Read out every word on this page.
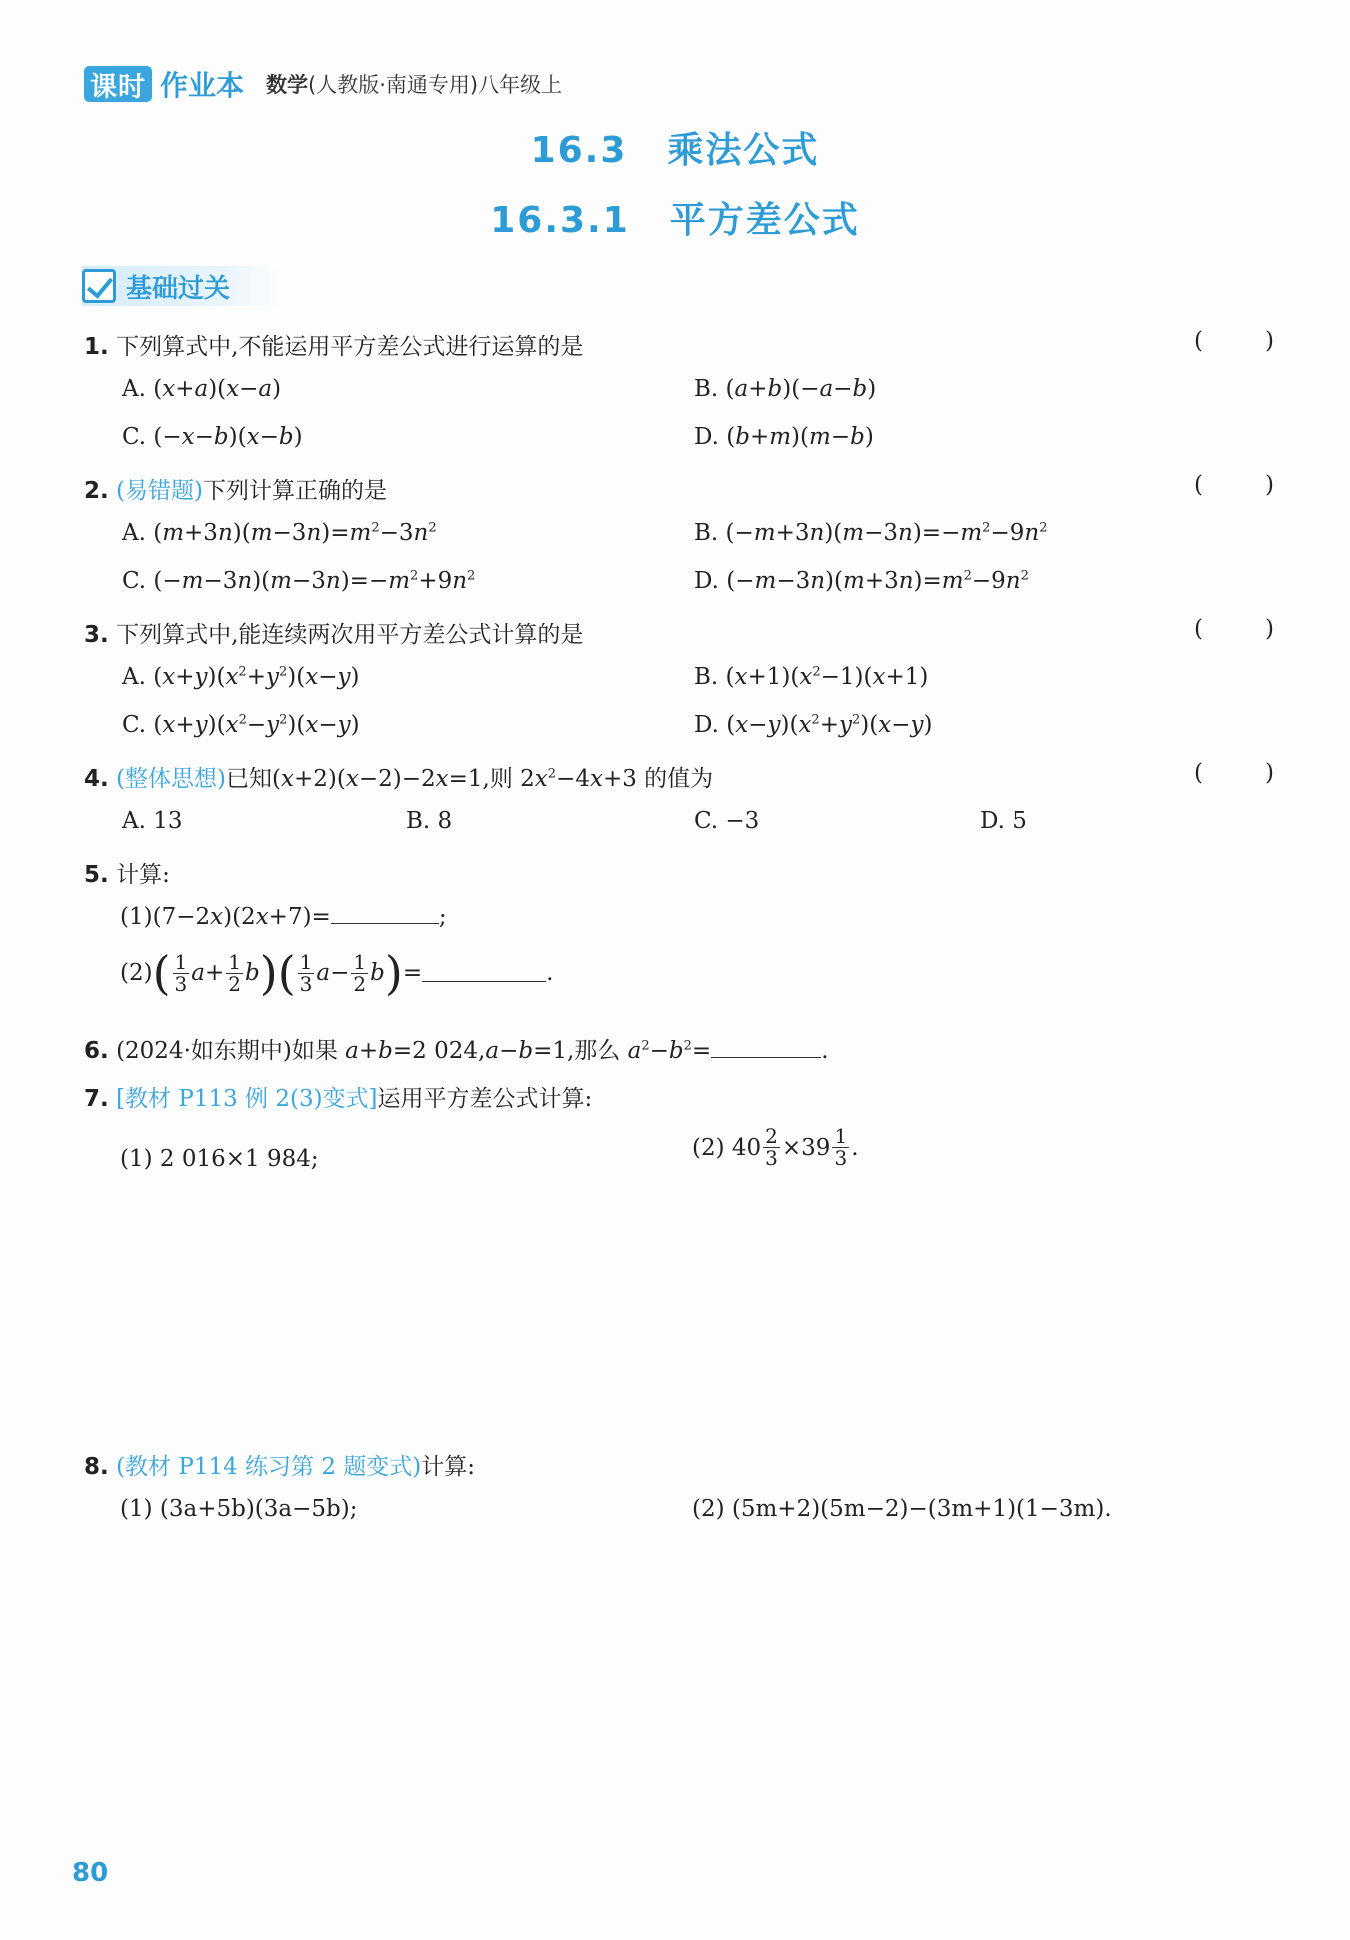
课时 作业本 数学(人教版·南通专用)八年级上
16.3 乘法公式
16.3.1 平方差公式
基础过关
1. 下列算式中,不能运用平方差公式进行运算的是	(	)
A. (x+a)(x−a)	B. (a+b)(−a−b)
C. (−x−b)(x−b)	D. (b+m)(m−b)
2. (易错题)下列计算正确的是	(	)
A. $(m+3n)(m-3n)=m^2-3n^2$	B. $(-m+3n)(m-3n)=-m^2-9n^2$
C. $(-m-3n)(m-3n)=-m^2+9n^2$	D. $(-m-3n)(m+3n)=m^2-9n^2$
3. 下列算式中,能连续两次用平方差公式计算的是	(	)
A. $(x+y)(x^2+y^2)(x-y)$	B. $(x+1)(x^2-1)(x+1)$
C. $(x+y)(x^2-y^2)(x-y)$	D. $(x-y)(x^2+y^2)(x-y)$
4. (整体思想)已知(x+2)(x−2)−2x=1,则 $2x^2-4x+3$ 的值为	(	)
A. 13	B. 8	C. −3	D. 5
5. 计算:
(1)(7−2x)(2x+7)=	;
(2) ( $\frac{1}{3}$ $a + \frac{1}{2}$ b ) ( $\frac{1}{3}$ $a - \frac{1}{2}$ b ) =	.
6. (2024·如东期中)如果 a+b=2 024,a−b=1,那么 $a^2-b^2=$	.
7. [教材 P113 例 2(3)变式]运用平方差公式计算:
(1) 2 016×1 984;	(2) $40 \frac{2}{3} \times 39 \frac{1}{3}$ .
8. (教材 P114 练习第 2 题变式)计算:
(1) (3a+5b)(3a−5b);	(2) (5m+2)(5m−2)−(3m+1)(1−3m).
80
